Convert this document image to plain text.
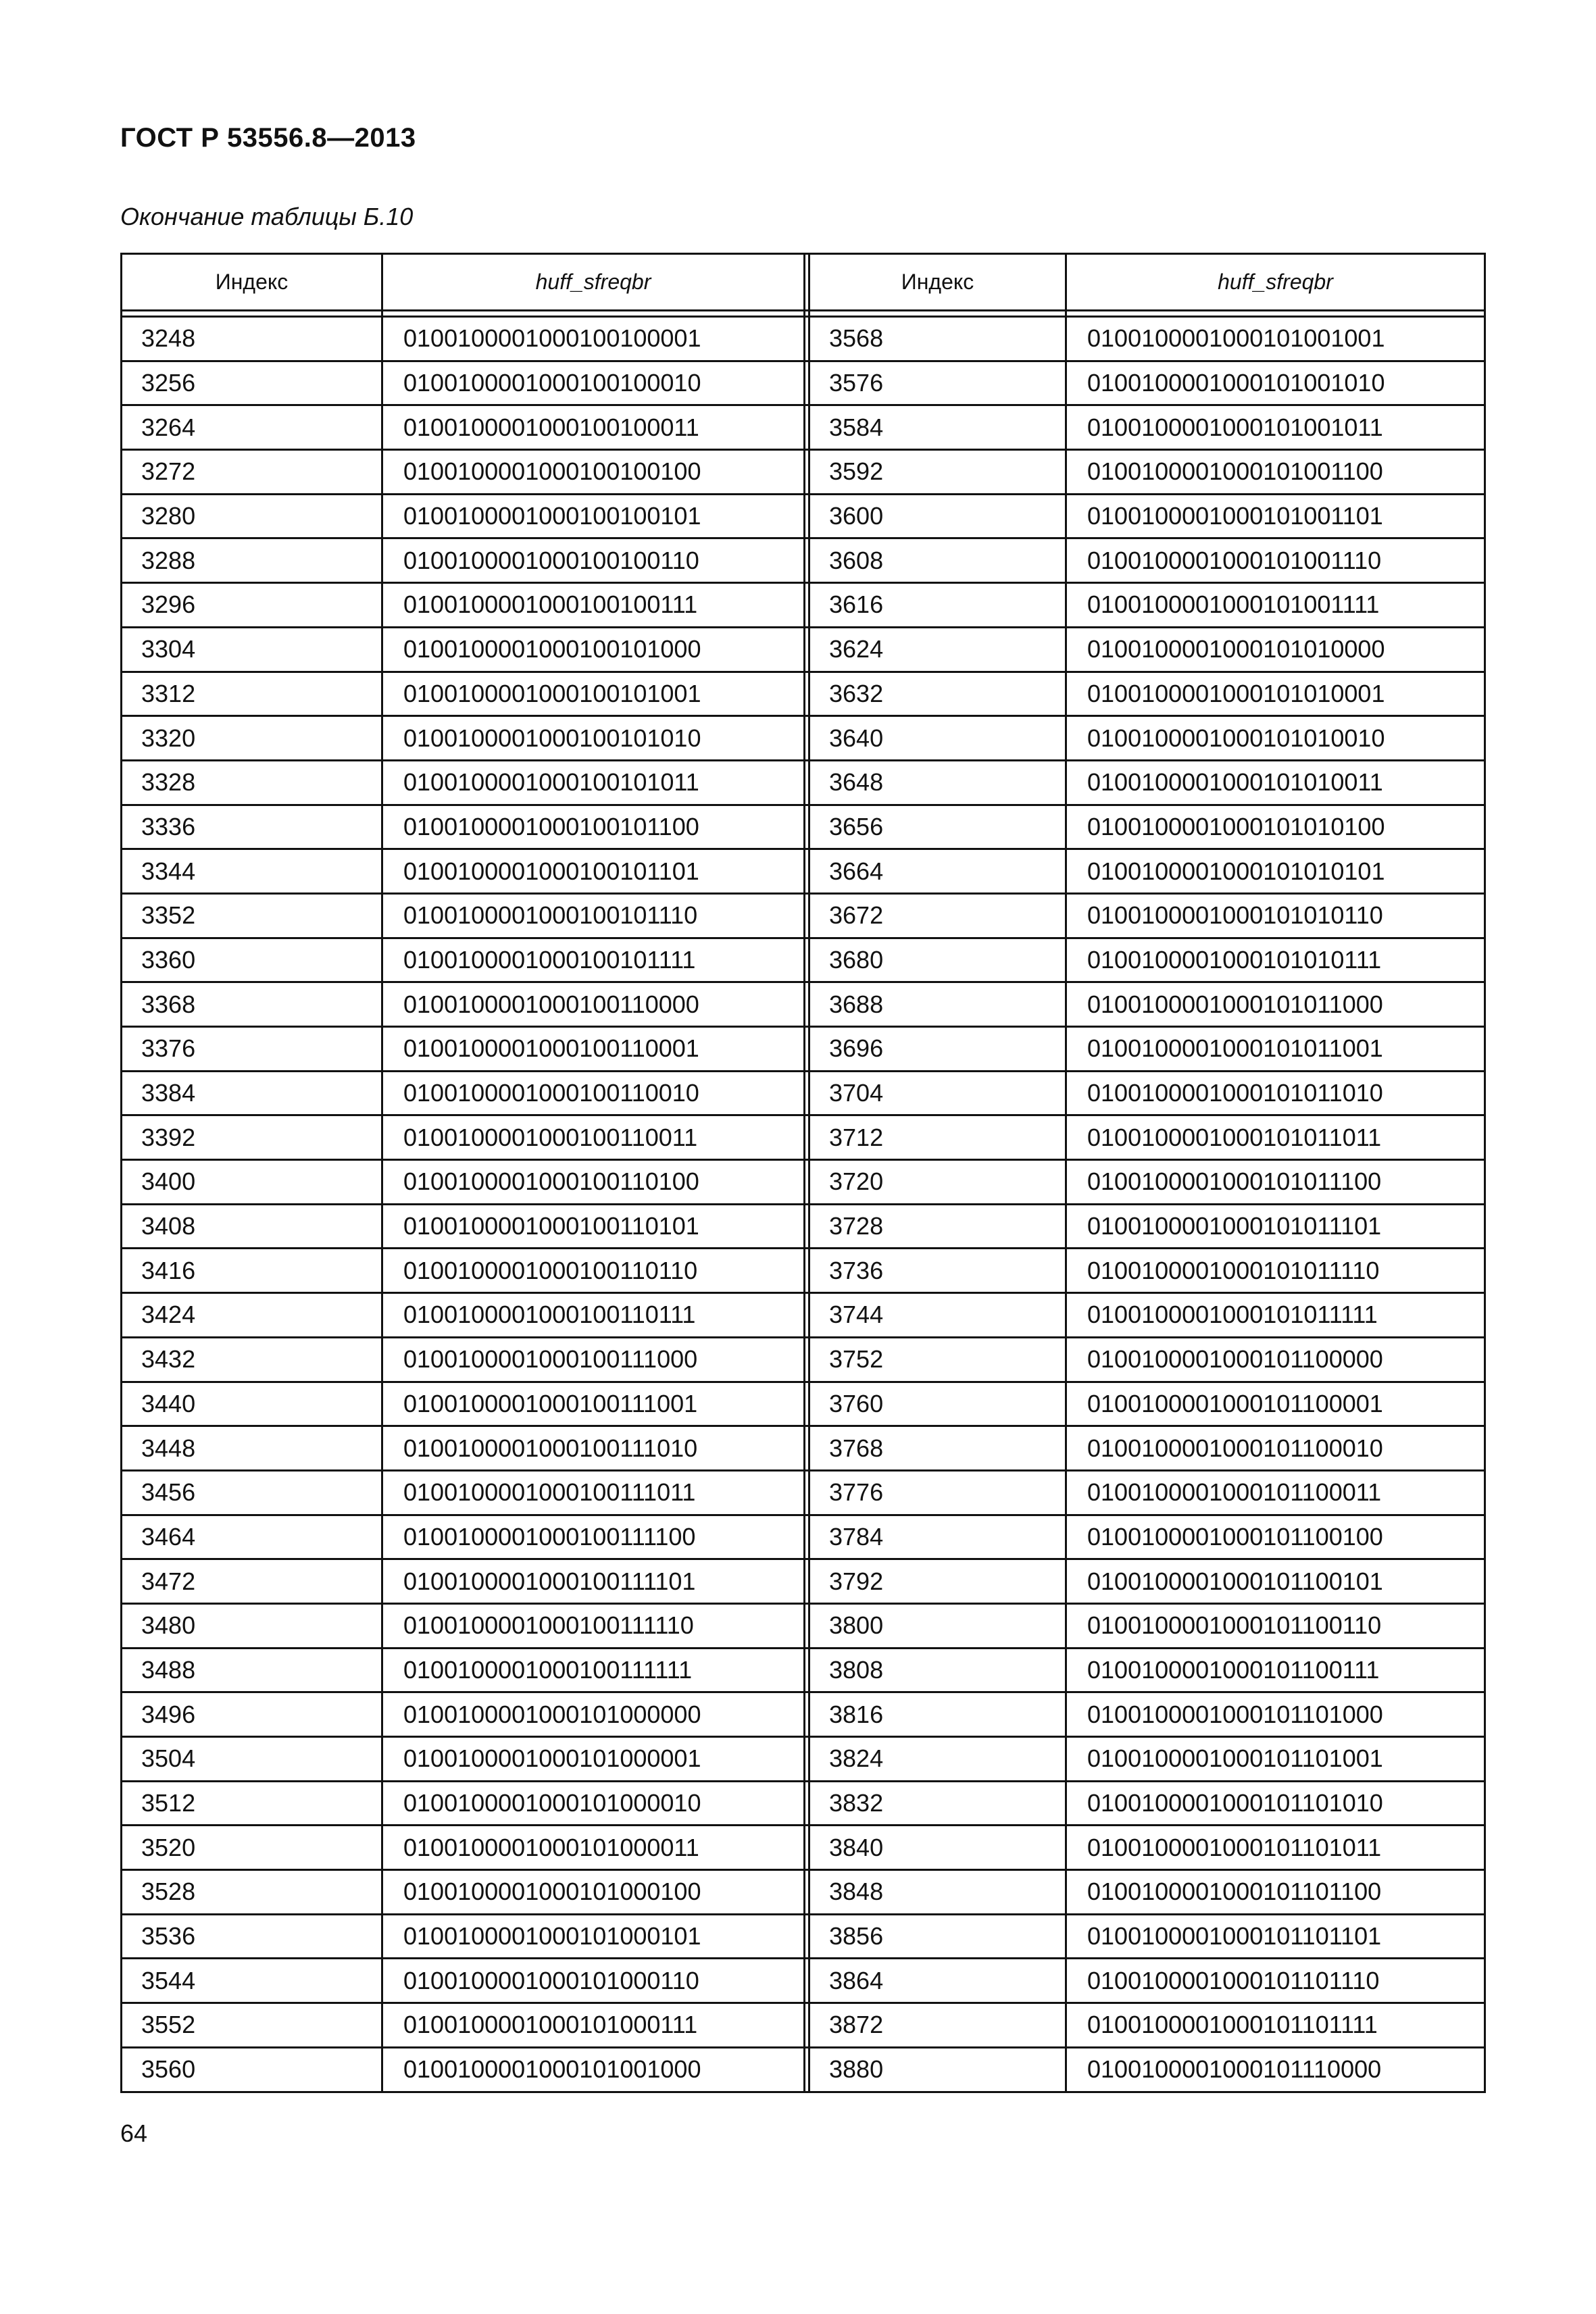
ГОСТ Р 53556.8—2013
Окончание таблицы Б.10
Индекс	huff_sfreqbr		Индекс	huff_sfreqbr

3248	0100100001000100100001		3568	0100100001000101001001
3256	0100100001000100100010		3576	0100100001000101001010
3264	0100100001000100100011		3584	0100100001000101001011
3272	0100100001000100100100		3592	0100100001000101001100
3280	0100100001000100100101		3600	0100100001000101001101
3288	0100100001000100100110		3608	0100100001000101001110
3296	0100100001000100100111		3616	0100100001000101001111
3304	0100100001000100101000		3624	0100100001000101010000
3312	0100100001000100101001		3632	0100100001000101010001
3320	0100100001000100101010		3640	0100100001000101010010
3328	0100100001000100101011		3648	0100100001000101010011
3336	0100100001000100101100		3656	0100100001000101010100
3344	0100100001000100101101		3664	0100100001000101010101
3352	0100100001000100101110		3672	0100100001000101010110
3360	0100100001000100101111		3680	0100100001000101010111
3368	0100100001000100110000		3688	0100100001000101011000
3376	0100100001000100110001		3696	0100100001000101011001
3384	0100100001000100110010		3704	0100100001000101011010
3392	0100100001000100110011		3712	0100100001000101011011
3400	0100100001000100110100		3720	0100100001000101011100
3408	0100100001000100110101		3728	0100100001000101011101
3416	0100100001000100110110		3736	0100100001000101011110
3424	0100100001000100110111		3744	0100100001000101011111
3432	0100100001000100111000		3752	0100100001000101100000
3440	0100100001000100111001		3760	0100100001000101100001
3448	0100100001000100111010		3768	0100100001000101100010
3456	0100100001000100111011		3776	0100100001000101100011
3464	0100100001000100111100		3784	0100100001000101100100
3472	0100100001000100111101		3792	0100100001000101100101
3480	0100100001000100111110		3800	0100100001000101100110
3488	0100100001000100111111		3808	0100100001000101100111
3496	0100100001000101000000		3816	0100100001000101101000
3504	0100100001000101000001		3824	0100100001000101101001
3512	0100100001000101000010		3832	0100100001000101101010
3520	0100100001000101000011		3840	0100100001000101101011
3528	0100100001000101000100		3848	0100100001000101101100
3536	0100100001000101000101		3856	0100100001000101101101
3544	0100100001000101000110		3864	0100100001000101101110
3552	0100100001000101000111		3872	0100100001000101101111
3560	0100100001000101001000		3880	0100100001000101110000
64
